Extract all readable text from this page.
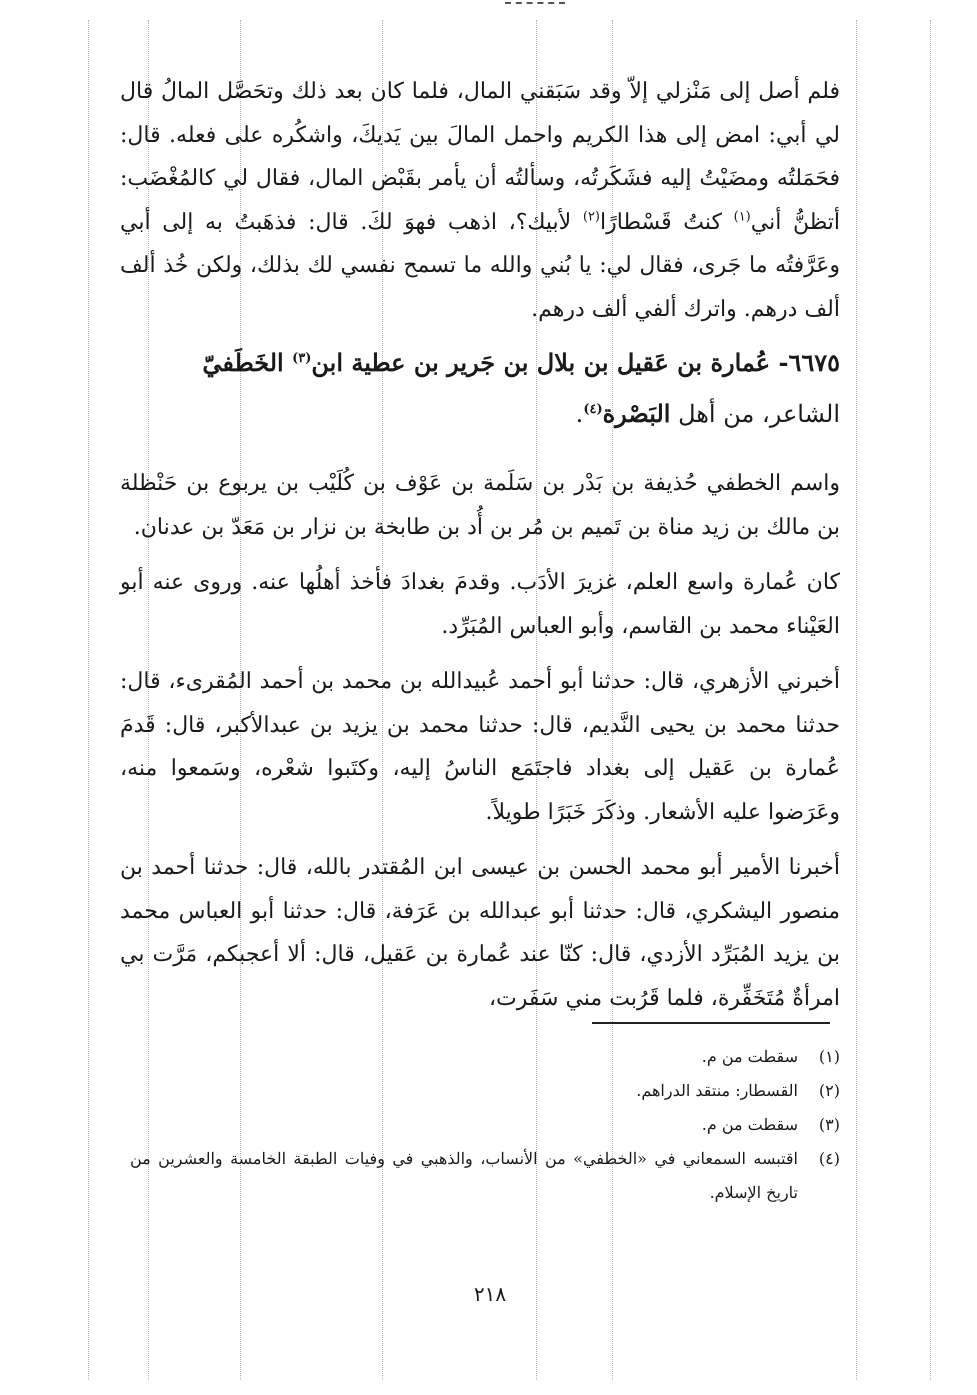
فلم أصل إلى مَنْزلي إلاّ وقد سَبَقني المال، فلما كان بعد ذلك وتحَصَّل المالُ قال لي أبي: امض إلى هذا الكريم واحمل المالَ بين يَديكَ، واشكُره على فعله. قال: فحَمَلتُه ومضَيْتُ إليه فشَكَرتُه، وسألتُه أن يأمر بقَبْض المال، فقال لي كالمُغْضَب: أتظنُّ أني$^{(١)}$ كنتُ قَسْطارًا$^{(٢)}$ لأبيك؟، اذهب فهوَ لكَ. قال: فذهَبتُ به إلى أبي وعَرَّفتُه ما جَرى، فقال لي: يا بُني والله ما تسمح نفسي لك بذلك، ولكن خُذ ألف ألف درهم. واترك ألفي ألف درهم.

٦٦٧٥- عُمارة بن عَقيل بن بلال بن جَرير بن عطية ابن$^{(٣)}$ الخَطَفيّ
الشاعر، من أهل البَصْرة$^{(٤)}$.

واسم الخطفي حُذيفة بن بَدْر بن سَلَمة بن عَوْف بن كُلَيْب بن يربوع بن حَنْظلة بن مالك بن زيد مناة بن تَميم بن مُر بن أُد بن طابخة بن نزار بن مَعَدّ بن عدنان.

كان عُمارة واسع العلم، غزيرَ الأدَب. وقدمَ بغدادَ فأخذ أهلُها عنه. وروى عنه أبو العَيْناء محمد بن القاسم، وأبو العباس المُبَرِّد.

أخبرني الأزهري، قال: حدثنا أبو أحمد عُبيدالله بن محمد بن أحمد المُقرىء، قال: حدثنا محمد بن يحيى النَّديم، قال: حدثنا محمد بن يزيد بن عبدالأكبر، قال: قَدمَ عُمارة بن عَقيل إلى بغداد فاجتَمَع الناسُ إليه، وكتَبوا شعْره، وسَمعوا منه، وعَرَضوا عليه الأشعار. وذكَرَ خَبَرًا طويلاً.

أخبرنا الأمير أبو محمد الحسن بن عيسى ابن المُقتدر بالله، قال: حدثنا أحمد بن منصور اليشكري، قال: حدثنا أبو عبدالله بن عَرَفة، قال: حدثنا أبو العباس محمد بن يزيد المُبَرِّد الأزدي، قال: كنّا عند عُمارة بن عَقيل، قال: ألا أعجبكم، مَرَّت بي امرأةٌ مُتَخَفِّرة، فلما قَرُبت مني سَفَرت،

(١)
سقطت من م.
(٢)
القسطار: منتقد الدراهم.
(٣)
سقطت من م.
(٤)
اقتبسه السمعاني في «الخطفي» من الأنساب، والذهبي في وفيات الطبقة الخامسة والعشرين من تاريخ الإسلام.
٢١٨
